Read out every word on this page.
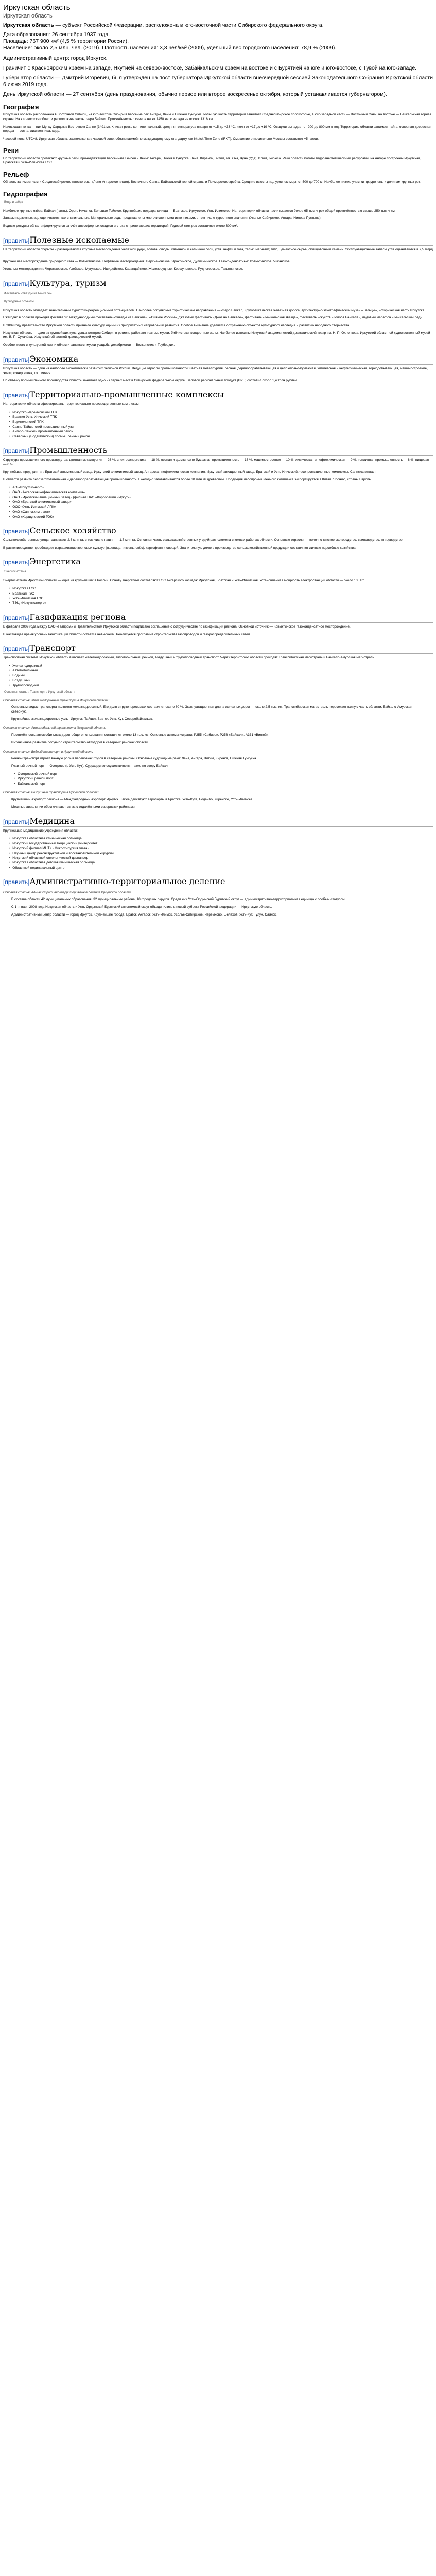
Иркутская область
Иркутская область

Иркутская область — субъект Российской Федерации, расположена в юго-восточной части Сибирского федерального округа.

Дата образования: 26 сентября 1937 года.

Площадь: 767 900 км² (4,5 % территории России).

Население: около 2,5 млн. чел. (2019). Плотность населения: 3,3 чел/км² (2009), удельный вес городского населения: 78,9 % (2009).

Административный центр: город Иркутск.

Граничит с Красноярским краем на западе, Якутией на северо-востоке, Забайкальским краем на востоке и с Бурятией на юге и юго-востоке, с Тувой на юго-западе.

Губернатор области — Дмитрий Игоревич, был утверждён на пост губернатора Иркутской области внеочередной сессией Законодательного Собрания Иркутской области 6 июня 2019 года.

День Иркутской области — 27 сентября (день празднования, обычно первое или второе воскресенье октября, который устанавливается губернатором).

География

Иркутская область расположена в Восточной Сибири, на юго-востоке Сибири в бассейне рек Ангары, Лены и Нижней Тунгуски. Большую часть территории занимает Среднесибирское плоскогорье, в юго-западной части — Восточный Саян, на востоке — Байкальская горная страна. На юго-востоке области расположена часть озера Байкал. Протяжённость с севера на юг 1450 км, с запада на восток 1318 км.

Наивысшая точка — пик Мунку-Сардык в Восточном Саяне (3491 м). Климат резко континентальный, средняя температура января от −15 до −33 °C, июля от +17 до +19 °C. Осадков выпадает от 200 до 800 мм в год. Территорию области занимает тайга, основная древесная порода — сосна, лиственница, кедр.

Часовой пояс: UTC+8. Иркутская область расположена в часовой зоне, обозначаемой по международному стандарту как Irkutsk Time Zone (IRKT). Смещение относительно Москвы составляет +5 часов.

Реки

По территории области протекают крупные реки, принадлежащие бассейнам Енисея и Лены: Ангара, Нижняя Тунгуска, Лена, Киренга, Витим, Ия, Ока, Чуна (Уда), Илим, Бирюса. Реки области богаты гидроэнергетическими ресурсами, на Ангаре построены Иркутская, Братская и Усть-Илимская ГЭС.

Рельеф

Область занимает части Среднесибирского плоскогорья (Лено-Ангарское плато), Восточного Саяна, Байкальской горной страны и Приморского хребта. Средние высоты над уровнем моря от 500 до 700 м. Наиболее низкие участки приурочены к долинам крупных рек.

Гидрография
Вода и озёра

Наиболее крупные озёра: Байкал (часть), Орон, Ничатка, Большое Тойское. Крупнейшие водохранилища — Братское, Иркутское, Усть-Илимское. На территории области насчитывается более 65 тысяч рек общей протяжённостью свыше 250 тысяч км.

Запасы подземных вод оцениваются как значительные. Минеральные воды представлены многочисленными источниками, в том числе курортного значения (Усолье-Сибирское, Ангара, Нилова Пустынь).

Водные ресурсы области формируются за счёт атмосферных осадков и стока с прилегающих территорий. Годовой сток рек составляет около 300 км³.

[править]Полезные ископаемые

На территории области открыты и разведываются крупные месторождения железной руды, золота, слюды, каменной и калийной соли, угля, нефти и газа, тальк, магнезит, гипс, цементное сырьё, облицовочный камень. Эксплуатационные запасы угля оцениваются в 7,5 млрд т.

Крупнейшее месторождение природного газа — Ковыктинское. Нефтяные месторождения: Верхнечонское, Ярактинское, Дулисьминское. Газоконденсатные: Ковыктинское, Чиканское.

Угольные месторождения: Черемховское, Азейское, Мугунское, Ишидейское, Каранцайское. Железорудные: Коршуновское, Рудногорское, Татьянинское.

[править]Культура, туризм
Фестиваль «Звёзды на Байкале»
Культурные объекты

Иркутская область обладает значительным туристско-рекреационным потенциалом. Наиболее популярные туристические направления — озеро Байкал, Кругобайкальская железная дорога, архитектурно-этнографический музей «Тальцы», историческая часть Иркутска.

Ежегодно в области проходят фестивали: международный фестиваль «Звёзды на Байкале», «Сияние России», джазовый фестиваль «Джаз на Байкале», фестиваль «Байкальская звезда», фестиваль искусств «Голоса Байкала», ледовый марафон «Байкальский лёд».

В 2009 году правительство Иркутской области признало культуру одним из приоритетных направлений развития. Особое внимание уделяется сохранению объектов культурного наследия и развитию народного творчества.

Иркутская область — один из крупнейших культурных центров Сибири: в регионе работают театры, музеи, библиотеки, концертные залы. Наиболее известны Иркутский академический драматический театр им. Н. П. Охлопкова, Иркутский областной художественный музей им. В. П. Сукачёва, Иркутский областной краеведческий музей.

Особое место в культурной жизни области занимают музеи-усадьбы декабристов — Волконских и Трубецких.

[править]Экономика

Иркутская область — один из наиболее экономически развитых регионов России. Ведущие отрасли промышленности: цветная металлургия, лесная, деревообрабатывающая и целлюлозно-бумажная, химическая и нефтехимическая, горнодобывающая, машиностроение, электроэнергетика, топливная.

По объёму промышленного производства область занимает одно из первых мест в Сибирском федеральном округе. Валовой региональный продукт (ВРП) составил около 1,4 трлн рублей.

[править]Территориально-промышленные комплексы

На территории области сформированы территориально-производственные комплексы:

• Иркутско-Черемховский ТПК
• Братско-Усть-Илимский ТПК
• Верхнеленский ТПК
• Саяно-Тайшетский промышленный узел
• Ангаро-Ленский промышленный район
• Северный (Бодайбинский) промышленный район
[править]Промышленность

Структура промышленного производства: цветная металлургия — 26 %, электроэнергетика — 18 %, лесная и целлюлозно-бумажная промышленность — 16 %, машиностроение — 10 %, химическая и нефтехимическая — 9 %, топливная промышленность — 8 %, пищевая — 6 %.

Крупнейшие предприятия: Братский алюминиевый завод, Иркутский алюминиевый завод, Ангарская нефтехимическая компания, Иркутский авиационный завод, Братский и Усть-Илимский лесопромышленные комплексы, Саянскхимпласт.

В области развита лесозаготовительная и деревообрабатывающая промышленность. Ежегодно заготавливается более 30 млн м³ древесины. Продукция лесопромышленного комплекса экспортируется в Китай, Японию, страны Европы.

• АО «Иркутскэнерго»
• ОАО «Ангарская нефтехимическая компания»
• ОАО «Иркутский авиационный завод» (филиал ПАО «Корпорация «Иркут»)
• ОАО «Братский алюминиевый завод»
• ООО «Усть-Илимский ЛПК»
• ОАО «Саянскхимпласт»
• ОАО «Коршуновский ГОК»
[править]Сельское хозяйство

Сельскохозяйственные угодья занимают 2,6 млн га, в том числе пашня — 1,7 млн га. Основная часть сельскохозяйственных угодий расположена в южных районах области. Основные отрасли — молочно-мясное скотоводство, свиноводство, птицеводство.

В растениеводстве преобладает выращивание зерновых культур (пшеница, ячмень, овёс), картофеля и овощей. Значительную долю в производстве сельскохозяйственной продукции составляют личные подсобные хозяйства.

[править]Энергетика
Энергосистема

Энергосистема Иркутской области — одна из крупнейших в России. Основу энергетики составляют ГЭС Ангарского каскада: Иркутская, Братская и Усть-Илимская. Установленная мощность электростанций области — около 13 ГВт.

• Иркутская ГЭС
• Братская ГЭС
• Усть-Илимская ГЭС
• ТЭЦ «Иркутскэнерго»
[править]Газификация региона

В феврале 2009 года между ОАО «Газпром» и Правительством Иркутской области подписано соглашение о сотрудничестве по газификации региона. Основной источник — Ковыктинское газоконденсатное месторождение.

В настоящее время уровень газификации области остаётся невысоким. Реализуется программа строительства газопроводов и газораспределительных сетей.

[править]Транспорт

Транспортная система Иркутской области включает железнодорожный, автомобильный, речной, воздушный и трубопроводный транспорт. Через территорию области проходят Транссибирская магистраль и Байкало-Амурская магистраль.

• Железнодорожный
• Автомобильный
• Водный
• Воздушный
• Трубопроводный
Основная статья: Транспорт в Иркутской области
Основная статья: Железнодорожный транспорт в Иркутской области

Основным видом транспорта является железнодорожный. Его доля в грузоперевозках составляет около 80 %. Эксплуатационная длина железных дорог — около 2,5 тыс. км. Транссибирская магистраль пересекает южную часть области, Байкало-Амурская — северную.

Крупнейшие железнодорожные узлы: Иркутск, Тайшет, Братск, Усть-Кут, Северобайкальск.

Основная статья: Автомобильный транспорт в Иркутской области

Протяжённость автомобильных дорог общего пользования составляет около 13 тыс. км. Основные автомагистрали: Р255 «Сибирь», Р258 «Байкал», А331 «Вилюй».

Интенсивное развитие получило строительство автодорог в северных районах области.

Основная статья: Водный транспорт в Иркутской области

Речной транспорт играет важную роль в перевозках грузов в северные районы. Основные судоходные реки: Лена, Ангара, Витим, Киренга, Нижняя Тунгуска.

Главный речной порт — Осетрово (г. Усть-Кут). Судоходство осуществляется также по озеру Байкал.

• Осетровский речной порт
• Иркутский речной порт
• Байкальский порт
Основная статья: Воздушный транспорт в Иркутской области

Крупнейший аэропорт региона — Международный аэропорт Иркутск. Также действуют аэропорты в Братске, Усть-Куте, Бодайбо, Киренске, Усть-Илимске.

Местные авиалинии обеспечивают связь с отдалёнными северными районами.

[править]Медицина

Крупнейшие медицинские учреждения области:

• Иркутская областная клиническая больница
• Иркутский государственный медицинский университет
• Иркутский филиал МНТК «Микрохирургия глаза»
• Научный центр реконструктивной и восстановительной хирургии
• Иркутский областной онкологический диспансер
• Иркутская областная детская клиническая больница
• Областной перинатальный центр
[править]Административно-территориальное деление
Основная статья: Административно-территориальное деление Иркутской области

В составе области 42 муниципальных образования: 32 муниципальных района, 10 городских округов. Среди них Усть-Ордынский Бурятский округ — административно-территориальная единица с особым статусом.

С 1 января 2008 года Иркутская область и Усть-Ордынский Бурятский автономный округ объединились в новый субъект Российской Федерации — Иркутскую область.

Административный центр области — город Иркутск. Крупнейшие города: Братск, Ангарск, Усть-Илимск, Усолье-Сибирское, Черемхово, Шелехов, Усть-Кут, Тулун, Саянск.
